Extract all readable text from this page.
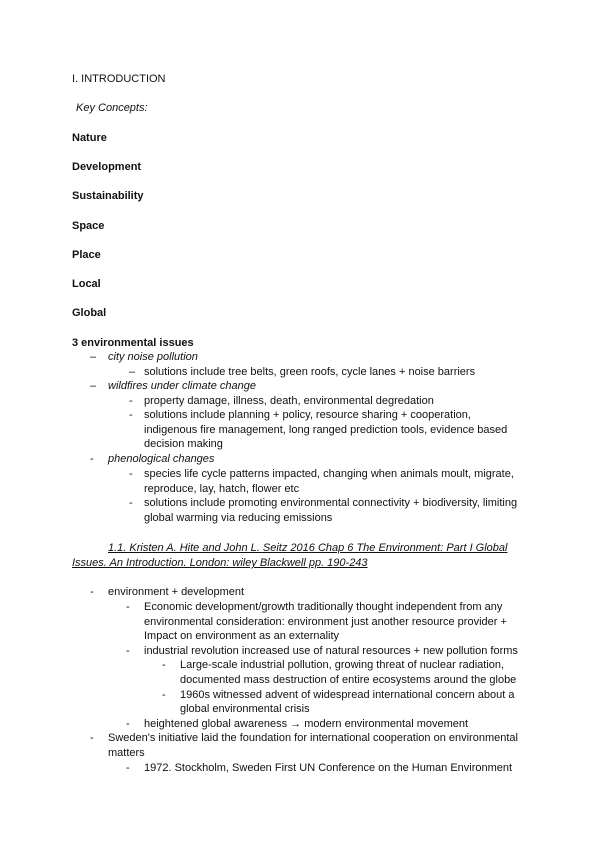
I. INTRODUCTION
Key Concepts:
Nature
Development
Sustainability
Space
Place
Local
Global
3 environmental issues
– city noise pollution
– solutions include tree belts, green roofs, cycle lanes + noise barriers
– wildfires under climate change
- property damage, illness, death, environmental degredation
- solutions include planning + policy, resource sharing + cooperation,
indigenous fire management, long ranged prediction tools, evidence based
decision making
- phenological changes
- species life cycle patterns impacted, changing when animals moult, migrate,
reproduce, lay, hatch, flower etc
- solutions include promoting environmental connectivity + biodiversity, limiting
global warming via reducing emissions
1.1. Kristen A. Hite and John L. Seitz 2016 Chap 6 The Environment: Part I Global
Issues. An Introduction. London: wiley Blackwell pp. 190-243
- environment + development
- Economic development/growth traditionally thought independent from any
environmental consideration: environment just another resource provider +
Impact on environment as an externality
- industrial revolution increased use of natural resources + new pollution forms
- Large-scale industrial pollution, growing threat of nuclear radiation,
documented mass destruction of entire ecosystems around the globe
- 1960s witnessed advent of widespread international concern about a
global environmental crisis
- heightened global awareness → modern environmental movement
- Sweden's initiative laid the foundation for international cooperation on environmental
matters
- 1972. Stockholm, Sweden First UN Conference on the Human Environment
